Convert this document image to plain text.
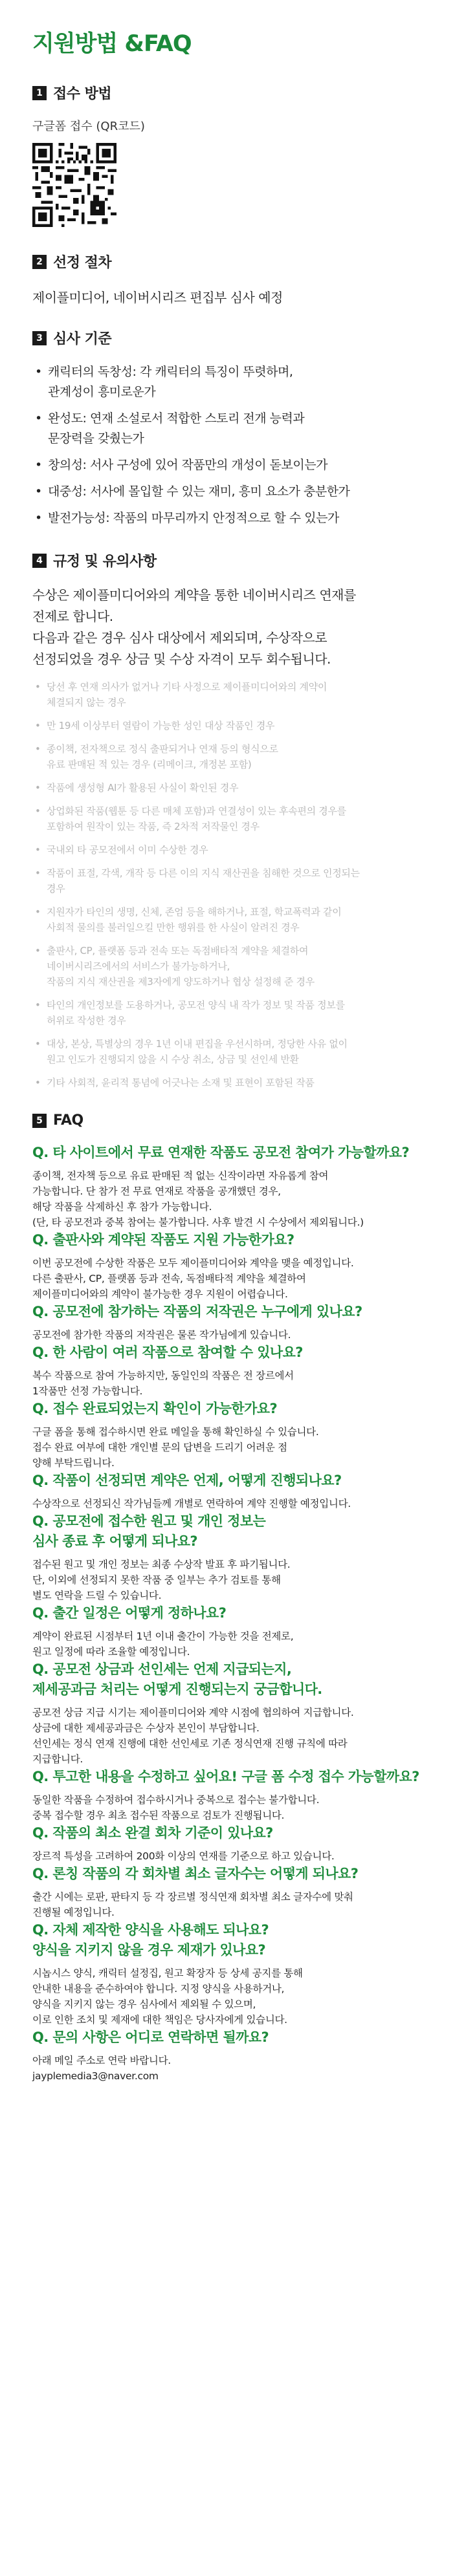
지원방법 &FAQ
1 접수 방법
구글폼 접수 (QR코드)
2 선정 절차
제이플미디어, 네이버시리즈 편집부 심사 예정
3 심사 기준
• 캐릭터의 독창성: 각 캐릭터의 특징이 뚜렷하며,
관계성이 흥미로운가
• 완성도: 연재 소설로서 적합한 스토리 전개 능력과
문장력을 갖췄는가
• 창의성: 서사 구성에 있어 작품만의 개성이 돋보이는가
• 대중성: 서사에 몰입할 수 있는 재미, 흥미 요소가 충분한가
• 발전가능성: 작품의 마무리까지 안정적으로 할 수 있는가
4 규정 및 유의사항
수상은 제이플미디어와의 계약을 통한 네이버시리즈 연재를
전제로 합니다.
다음과 같은 경우 심사 대상에서 제외되며, 수상작으로
선정되었을 경우 상금 및 수상 자격이 모두 회수됩니다.
• 당선 후 연재 의사가 없거나 기타 사정으로 제이플미디어와의 계약이
체결되지 않는 경우
• 만 19세 이상부터 열람이 가능한 성인 대상 작품인 경우
• 종이책, 전자책으로 정식 출판되거나 연재 등의 형식으로
유료 판매된 적 있는 경우 (리메이크, 개정본 포함)
• 작품에 생성형 AI가 활용된 사실이 확인된 경우
• 상업화된 작품(웹툰 등 다른 매체 포함)과 연결성이 있는 후속편의 경우를
포함하여 원작이 있는 작품, 즉 2차적 저작물인 경우
• 국내외 타 공모전에서 이미 수상한 경우
• 작품이 표절, 각색, 개작 등 다른 이의 지식 재산권을 침해한 것으로 인정되는
경우
• 지원자가 타인의 생명, 신체, 존엄 등을 해하거나, 표절, 학교폭력과 같이
사회적 물의를 불러일으킬 만한 행위를 한 사실이 알려진 경우
• 출판사, CP, 플랫폼 등과 전속 또는 독점배타적 계약을 체결하여
네이버시리즈에서의 서비스가 불가능하거나,
작품의 지식 재산권을 제3자에게 양도하거나 협상 설정해 준 경우
• 타인의 개인정보를 도용하거나, 공모전 양식 내 작가 정보 및 작품 정보를
허위로 작성한 경우
• 대상, 본상, 특별상의 경우 1년 이내 편집을 우선시하며, 정당한 사유 없이
원고 인도가 진행되지 않을 시 수상 취소, 상금 및 선인세 반환
• 기타 사회적, 윤리적 통념에 어긋나는 소재 및 표현이 포함된 작품
5 FAQ
Q. 타 사이트에서 무료 연재한 작품도 공모전 참여가 가능할까요?
종이책, 전자책 등으로 유료 판매된 적 없는 신작이라면 자유롭게 참여
가능합니다. 단 참가 전 무료 연재로 작품을 공개했던 경우,
해당 작품을 삭제하신 후 참가 가능합니다.
(단, 타 공모전과 중복 참여는 불가합니다. 사후 발견 시 수상에서 제외됩니다.)
Q. 출판사와 계약된 작품도 지원 가능한가요?
이번 공모전에 수상한 작품은 모두 제이플미디어와 계약을 맺을 예정입니다.
다른 출판사, CP, 플랫폼 등과 전속, 독점배타적 계약을 체결하여
제이플미디어와의 계약이 불가능한 경우 지원이 어렵습니다.
Q. 공모전에 참가하는 작품의 저작권은 누구에게 있나요?
공모전에 참가한 작품의 저작권은 물론 작가님에게 있습니다.
Q. 한 사람이 여러 작품으로 참여할 수 있나요?
복수 작품으로 참여 가능하지만, 동일인의 작품은 전 장르에서
1작품만 선정 가능합니다.
Q. 접수 완료되었는지 확인이 가능한가요?
구글 폼을 통해 접수하시면 완료 메일을 통해 확인하실 수 있습니다.
접수 완료 여부에 대한 개인별 문의 답변을 드리기 어려운 점
양해 부탁드립니다.
Q. 작품이 선정되면 계약은 언제, 어떻게 진행되나요?
수상작으로 선정되신 작가님들께 개별로 연락하여 계약 진행할 예정입니다.
Q. 공모전에 접수한 원고 및 개인 정보는
심사 종료 후 어떻게 되나요?
접수된 원고 및 개인 정보는 최종 수상작 발표 후 파기됩니다.
단, 이외에 선정되지 못한 작품 중 일부는 추가 검토를 통해
별도 연락을 드릴 수 있습니다.
Q. 출간 일정은 어떻게 정하나요?
계약이 완료된 시점부터 1년 이내 출간이 가능한 것을 전제로,
원고 일정에 따라 조율할 예정입니다.
Q. 공모전 상금과 선인세는 언제 지급되는지,
제세공과금 처리는 어떻게 진행되는지 궁금합니다.
공모전 상금 지급 시기는 제이플미디어와 계약 시점에 협의하여 지급합니다.
상금에 대한 제세공과금은 수상자 본인이 부담합니다.
선인세는 정식 연재 진행에 대한 선인세로 기존 정식연재 진행 규칙에 따라
지급합니다.
Q. 투고한 내용을 수정하고 싶어요! 구글 폼 수정 접수 가능할까요?
동일한 작품을 수정하여 접수하시거나 중복으로 접수는 불가합니다.
중복 접수할 경우 최초 접수된 작품으로 검토가 진행됩니다.
Q. 작품의 최소 완결 회차 기준이 있나요?
장르적 특성을 고려하여 200화 이상의 연재를 기준으로 하고 있습니다.
Q. 론칭 작품의 각 회차별 최소 글자수는 어떻게 되나요?
출간 시에는 로판, 판타지 등 각 장르별 정식연재 회차별 최소 글자수에 맞춰
진행될 예정입니다.
Q. 자체 제작한 양식을 사용해도 되나요?
양식을 지키지 않을 경우 제재가 있나요?
시놉시스 양식, 캐릭터 설정집, 원고 확장자 등 상세 공지를 통해
안내한 내용을 준수하여야 합니다. 지정 양식을 사용하거나,
양식을 지키지 않는 경우 심사에서 제외될 수 있으며,
이로 인한 조치 및 제재에 대한 책임은 당사자에게 있습니다.
Q. 문의 사항은 어디로 연락하면 될까요?
아래 메일 주소로 연락 바랍니다.
jayplemedia3@naver.com
